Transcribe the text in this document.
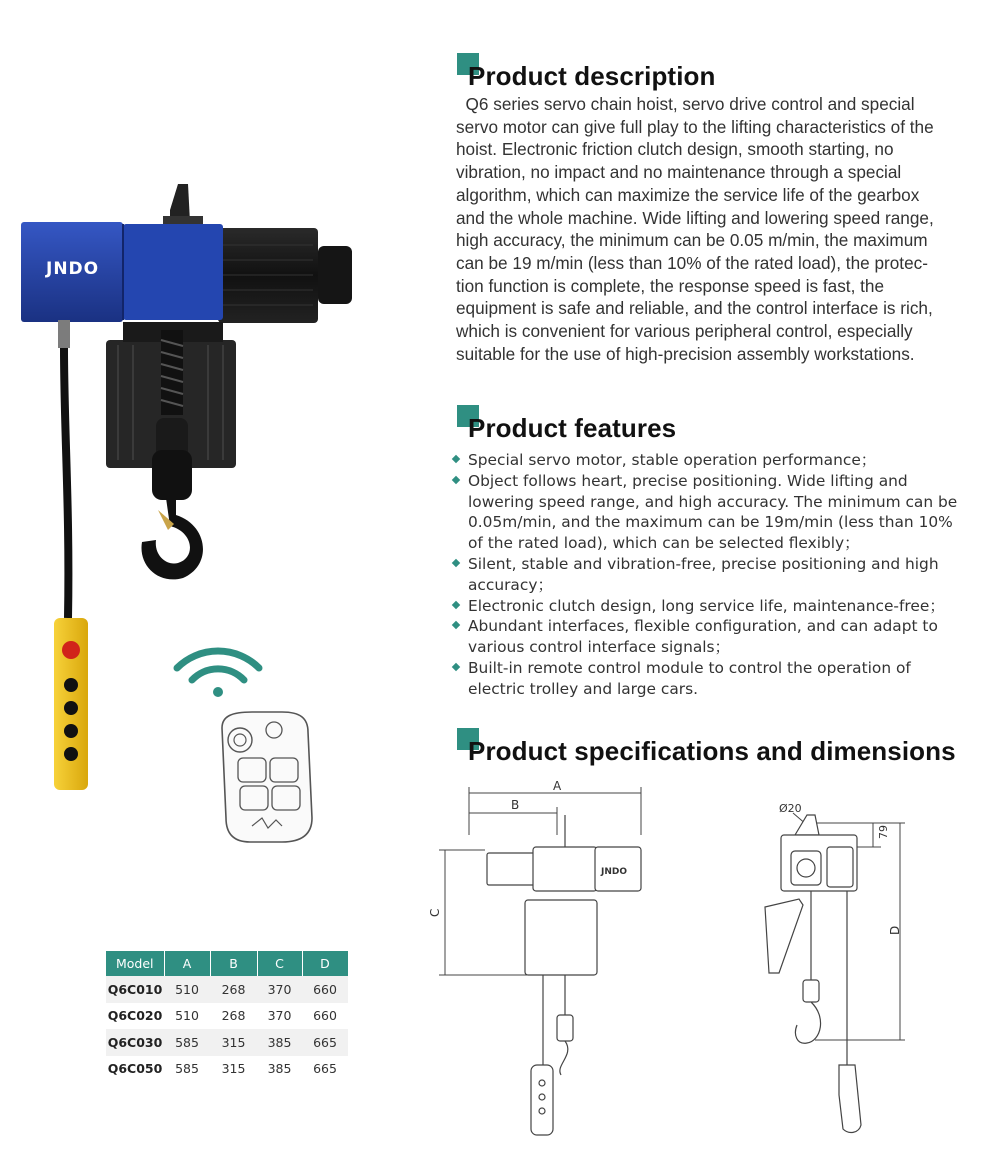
JNDO
Product description
Q6 series servo chain hoist, servo drive control and special
servo motor can give full play to the lifting characteristics of the
hoist. Electronic friction clutch design, smooth starting, no
vibration, no impact and no maintenance through a special
algorithm, which can maximize the service life of the gearbox
and the whole machine. Wide lifting and lowering speed range,
high accuracy, the minimum can be 0.05 m/min, the maximum
can be 19 m/min (less than 10% of the rated load), the protec-
tion function is complete, the response speed is fast, the
equipment is safe and reliable, and the control interface is rich,
which is convenient for various peripheral control, especially
suitable for the use of high-precision assembly workstations.
Product features
Special servo motor, stable operation performance；
Object follows heart, precise positioning. Wide lifting and
lowering speed range, and high accuracy. The minimum can be
0.05m/min, and the maximum can be 19m/min (less than 10%
of the rated load), which can be selected flexibly；
Silent, stable and vibration-free, precise positioning and high
accuracy；
Electronic clutch design, long service life, maintenance-free；
Abundant interfaces, flexible configuration, and can adapt to
various control interface signals；
Built-in remote control module to control the operation of
electric trolley and large cars.
Product specifications and dimensions
A
B
C
JNDO
Ø20
79
D
Model	A	B	C	D
Q6C010	510	268	370	660
Q6C020	510	268	370	660
Q6C030	585	315	385	665
Q6C050	585	315	385	665
